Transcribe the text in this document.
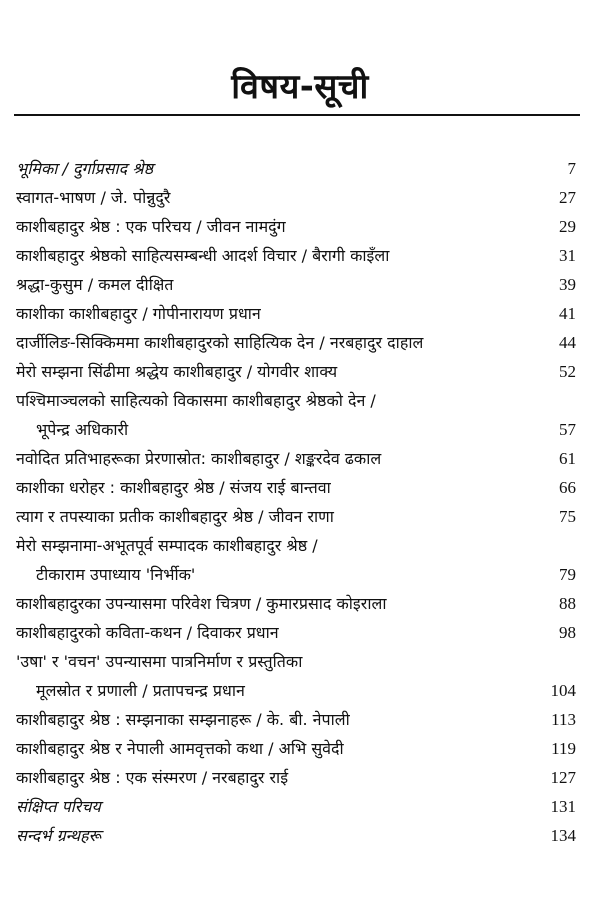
विषय-सूची
भूमिका / दुर्गाप्रसाद श्रेष्ठ	7
स्वागत-भाषण / जे. पोन्नुदुरै	27
काशीबहादुर श्रेष्ठ : एक परिचय / जीवन नामदुंग	29
काशीबहादुर श्रेष्ठको साहित्यसम्बन्धी आदर्श विचार / बैरागी काइँला	31
श्रद्धा-कुसुम / कमल दीक्षित	39
काशीका काशीबहादुर / गोपीनारायण प्रधान	41
दार्जीलिङ-सिक्किममा काशीबहादुरको साहित्यिक देन / नरबहादुर दाहाल	44
मेरो सम्झना सिंढीमा श्रद्धेय काशीबहादुर / योगवीर शाक्य	52
पश्चिमाञ्चलको साहित्यको विकासमा काशीबहादुर श्रेष्ठको देन /
भूपेन्द्र अधिकारी	57
नवोदित प्रतिभाहरूका प्रेरणास्रोत: काशीबहादुर / शङ्करदेव ढकाल	61
काशीका धरोहर : काशीबहादुर श्रेष्ठ / संजय राई बान्तवा	66
त्याग र तपस्याका प्रतीक काशीबहादुर श्रेष्ठ / जीवन राणा	75
मेरो सम्झनामा-अभूतपूर्व सम्पादक काशीबहादुर श्रेष्ठ /
टीकाराम उपाध्याय 'निर्भीक'	79
काशीबहादुरका उपन्यासमा परिवेश चित्रण / कुमारप्रसाद कोइराला	88
काशीबहादुरको कविता-कथन / दिवाकर प्रधान	98
'उषा' र 'वचन' उपन्यासमा पात्रनिर्माण र प्रस्तुतिका
मूलस्रोत र प्रणाली / प्रतापचन्द्र प्रधान	104
काशीबहादुर श्रेष्ठ : सम्झनाका सम्झनाहरू / के. बी. नेपाली	113
काशीबहादुर श्रेष्ठ र नेपाली आमवृत्तको कथा / अभि सुवेदी	119
काशीबहादुर श्रेष्ठ : एक संस्मरण / नरबहादुर राई	127
संक्षिप्त परिचय	131
सन्दर्भ ग्रन्थहरू	134
